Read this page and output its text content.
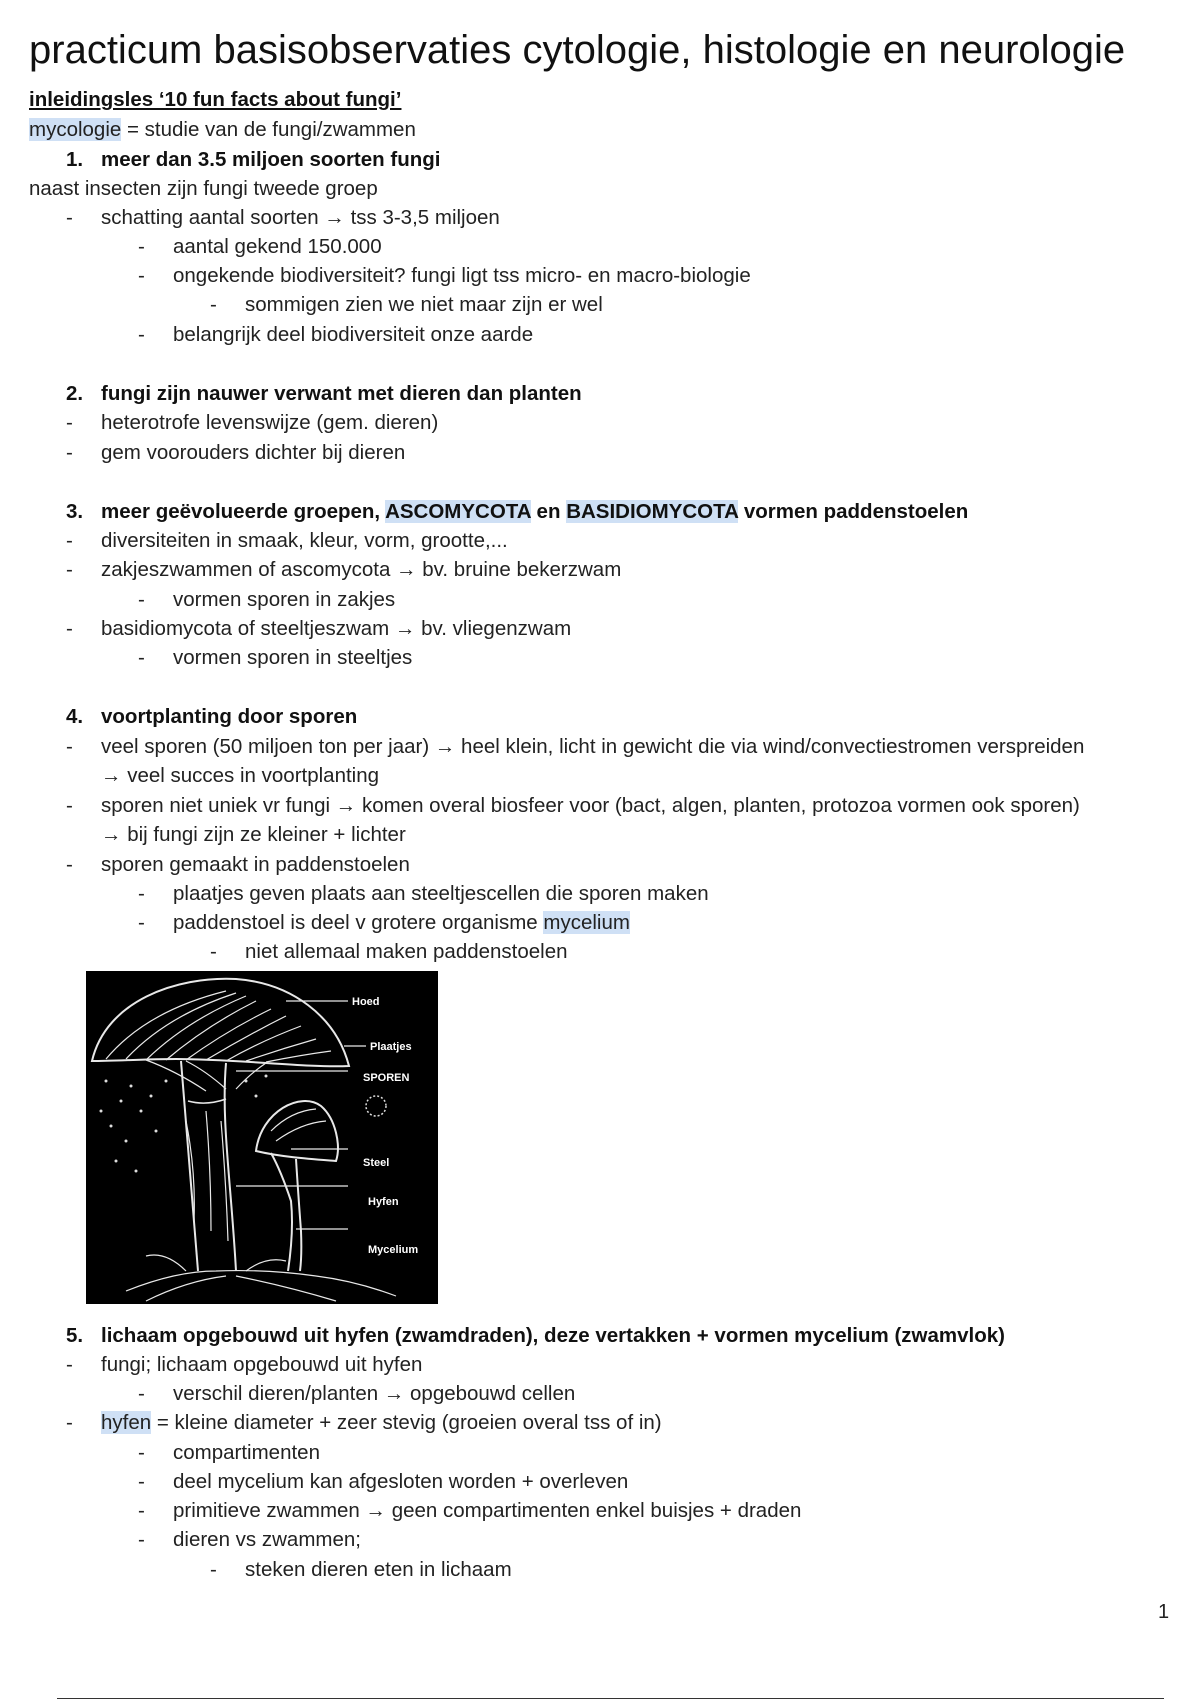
practicum basisobservaties cytologie, histologie en neurologie
inleidingsles ‘10 fun facts about fungi’
mycologie = studie van de fungi/zwammen
1. meer dan 3.5 miljoen soorten fungi
naast insecten zijn fungi tweede groep
- schatting aantal soorten → tss 3-3,5 miljoen
- aantal gekend 150.000
- ongekende biodiversiteit? fungi ligt tss micro- en macro-biologie
- sommigen zien we niet maar zijn er wel
- belangrijk deel biodiversiteit onze aarde
2. fungi zijn nauwer verwant met dieren dan planten
- heterotrofe levenswijze (gem. dieren)
- gem voorouders dichter bij dieren
3. meer geëvolueerde groepen, ASCOMYCOTA en BASIDIOMYCOTA vormen paddenstoelen
- diversiteiten in smaak, kleur, vorm, grootte,...
- zakjeszwammen of ascomycota → bv. bruine bekerzwam
- vormen sporen in zakjes
- basidiomycota of steeltjeszwam → bv. vliegenzwam
- vormen sporen in steeltjes
4. voortplanting door sporen
- veel sporen (50 miljoen ton per jaar) → heel klein, licht in gewicht die via wind/convectiestromen verspreiden
→ veel succes in voortplanting
- sporen niet uniek vr fungi → komen overal biosfeer voor (bact, algen, planten, protozoa vormen ook sporen)
→ bij fungi zijn ze kleiner + lichter
- sporen gemaakt in paddenstoelen
- plaatjes geven plaats aan steeltjescellen die sporen maken
- paddenstoel is deel v grotere organisme mycelium
- niet allemaal maken paddenstoelen
Hoed
Plaatjes
SPOREN
Steel
Hyfen
Mycelium
5. lichaam opgebouwd uit hyfen (zwamdraden), deze vertakken + vormen mycelium (zwamvlok)
- fungi; lichaam opgebouwd uit hyfen
- verschil dieren/planten → opgebouwd cellen
- hyfen = kleine diameter + zeer stevig (groeien overal tss of in)
- compartimenten
- deel mycelium kan afgesloten worden + overleven
- primitieve zwammen → geen compartimenten enkel buisjes + draden
- dieren vs zwammen;
- steken dieren eten in lichaam
1
